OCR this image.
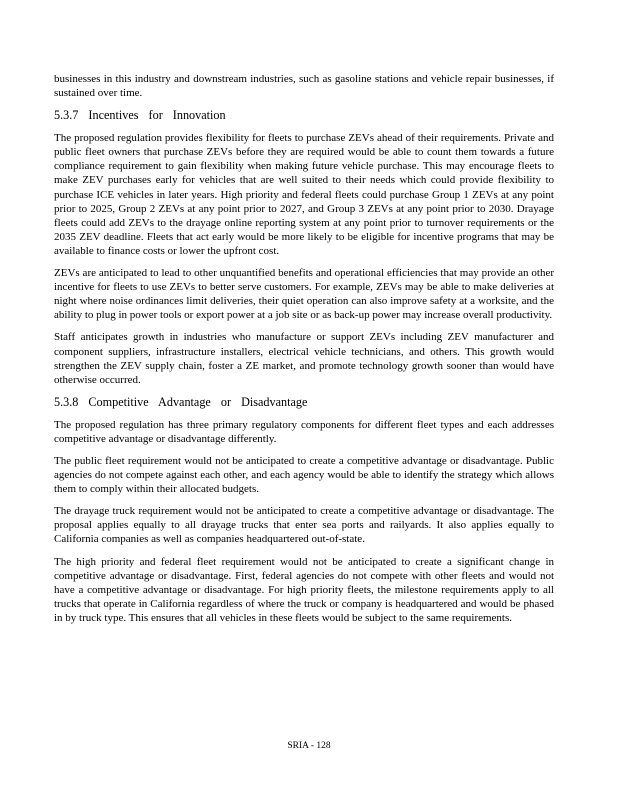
businesses in this industry and downstream industries, such as gasoline stations and vehicle repair businesses, if sustained over time.

5.3.7 Incentives for Innovation

The proposed regulation provides flexibility for fleets to purchase ZEVs ahead of their requirements. Private and public fleet owners that purchase ZEVs before they are required would be able to count them towards a future compliance requirement to gain flexibility when making future vehicle purchase. This may encourage fleets to make ZEV purchases early for vehicles that are well suited to their needs which could provide flexibility to purchase ICE vehicles in later years. High priority and federal fleets could purchase Group 1 ZEVs at any point prior to 2025, Group 2 ZEVs at any point prior to 2027, and Group 3 ZEVs at any point prior to 2030. Drayage fleets could add ZEVs to the drayage online reporting system at any point prior to turnover requirements or the 2035 ZEV deadline. Fleets that act early would be more likely to be eligible for incentive programs that may be available to finance costs or lower the upfront cost.

ZEVs are anticipated to lead to other unquantified benefits and operational efficiencies that may provide an other incentive for fleets to use ZEVs to better serve customers. For example, ZEVs may be able to make deliveries at night where noise ordinances limit deliveries, their quiet operation can also improve safety at a worksite, and the ability to plug in power tools or export power at a job site or as back-up power may increase overall productivity.

Staff anticipates growth in industries who manufacture or support ZEVs including ZEV manufacturer and component suppliers, infrastructure installers, electrical vehicle technicians, and others. This growth would strengthen the ZEV supply chain, foster a ZE market, and promote technology growth sooner than would have otherwise occurred.

5.3.8 Competitive Advantage or Disadvantage

The proposed regulation has three primary regulatory components for different fleet types and each addresses competitive advantage or disadvantage differently.

The public fleet requirement would not be anticipated to create a competitive advantage or disadvantage. Public agencies do not compete against each other, and each agency would be able to identify the strategy which allows them to comply within their allocated budgets.

The drayage truck requirement would not be anticipated to create a competitive advantage or disadvantage. The proposal applies equally to all drayage trucks that enter sea ports and railyards. It also applies equally to California companies as well as companies headquartered out-of-state.

The high priority and federal fleet requirement would not be anticipated to create a significant change in competitive advantage or disadvantage. First, federal agencies do not compete with other fleets and would not have a competitive advantage or disadvantage. For high priority fleets, the milestone requirements apply to all trucks that operate in California regardless of where the truck or company is headquartered and would be phased in by truck type. This ensures that all vehicles in these fleets would be subject to the same requirements.

SRIA - 128
